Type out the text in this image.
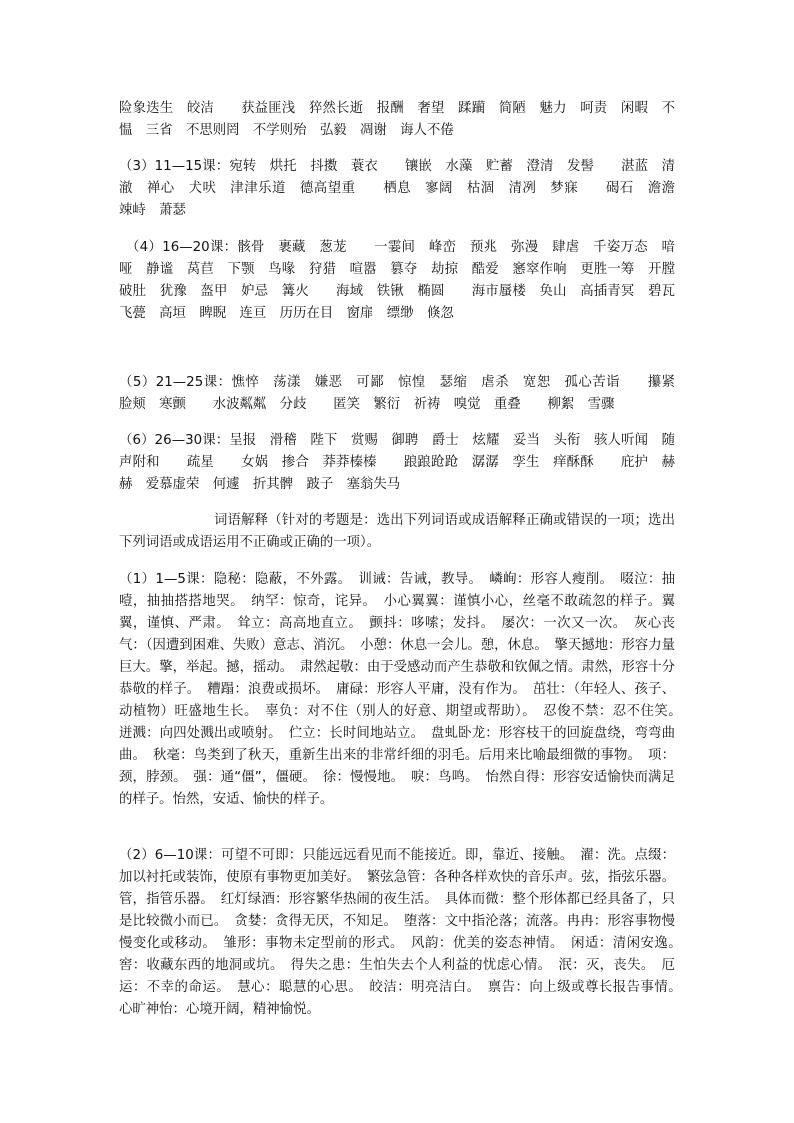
险象迭生　皎洁　　获益匪浅　猝然长逝　报酬　奢望　蹂躏　简陋　魅力　呵责　闲暇　不愠　三省　不思则罔　不学则殆　弘毅　凋谢　诲人不倦

（3）11—15课：宛转　烘托　抖擞　蓑衣　　镶嵌　水藻　贮蓄　澄清　发髻　　湛蓝　清澈　禅心　犬吠　津津乐道　德高望重　　栖息　寥阔　枯涸　清冽　梦寐　　碣石　澹澹　竦峙　萧瑟

　（4）16—20课：骸骨　裹藏　葱茏　　一霎间　峰峦　预兆　弥漫　肆虐　千姿万态　喑哑　静谧　莴苣　下颚　鸟喙　狩猎　喧嚣　篡夺　劫掠　酷爱　窸窣作响　更胜一筹　开膛破肚　犹豫　盔甲　妒忌　篝火　　海域　铁锹　椭圆　　海市蜃楼　奂山　高插青冥　碧瓦飞甍　高垣　睥睨　连亘　历历在目　窗扉　缥缈　倏忽

（5）21—25课：憔悴　荡漾　嫌恶　可鄙　惊惶　瑟缩　虐杀　宽恕　孤心苦诣　　攥紧　脸颊　寒颤　　水波粼粼　分歧　　匿笑　繁衍　祈祷　嗅觉　重叠　　柳絮　雪骤

（6）26—30课：呈报　滑稽　陛下　赏赐　御聘　爵士　炫耀　妥当　头衔　骇人听闻　随声附和　　疏星　　女娲　掺合　莽莽榛榛　　踉踉跄跄　潺潺　孪生　痒酥酥　　庇护　赫赫　爱慕虚荣　何遽　折其髀　跛子　塞翁失马

　　　　　　　词语解释（针对的考题是：选出下列词语或成语解释正确或错误的一项；选出下列词语或成语运用不正确或正确的一项）。

（1）1—5课：隐秘：隐蔽，不外露。　训诫：告诫，教导。　嶙峋：形容人瘦削。　啜泣：抽噎，抽抽搭搭地哭。　纳罕：惊奇，诧异。　小心翼翼：谨慎小心，丝毫不敢疏忽的样子。翼翼，谨慎、严肃。　耸立：高高地直立。　颤抖：哆嗦；发抖。　屡次：一次又一次。　灰心丧气：（因遭到困难、失败）意志、消沉。　小憩：休息一会儿。憩，休息。　擎天撼地：形容力量巨大。擎，举起。撼，摇动。　肃然起敬：由于受感动而产生恭敬和钦佩之情。肃然，形容十分恭敬的样子。　糟蹋：浪费或损坏。　庸碌：形容人平庸，没有作为。　茁壮：（年轻人、孩子、动植物）旺盛地生长。　辜负：对不住（别人的好意、期望或帮助）。　忍俊不禁：忍不住笑。　迸溅：向四处溅出或喷射。　伫立：长时间地站立。　盘虬卧龙：形容枝干的回旋盘绕，弯弯曲曲。　秋毫：鸟类到了秋天，重新生出来的非常纤细的羽毛。后用来比喻最细微的事物。　项：颈，脖颈。　强：通“僵”，僵硬。　徐：慢慢地。　唳：鸟鸣。　怡然自得：形容安适愉快而满足的样子。怡然，安适、愉快的样子。

（2）6—10课：可望不可即：只能远远看见而不能接近。即，靠近、接触。　濯：洗。点缀：加以衬托或装饰，使原有事物更加美好。　繁弦急管：各种各样欢快的音乐声。弦，指弦乐器。管，指管乐器。　红灯绿酒：形容繁华热闹的夜生活。　具体而微：整个形体都已经具备了，只是比较微小而已。　贪婪：贪得无厌，不知足。　堕落：文中指沦落；流落。冉冉：形容事物慢慢变化或移动。　雏形：事物未定型前的形式。　风韵：优美的姿态神情。　闲适：清闲安逸。　窖：收藏东西的地洞或坑。　得失之患：生怕失去个人利益的忧虑心情。　泯：灭，丧失。　厄运：不幸的命运。　慧心：聪慧的心思。　皎洁：明亮洁白。　禀告：向上级或尊长报告事情。　心旷神怡：心境开阔，精神愉悦。
